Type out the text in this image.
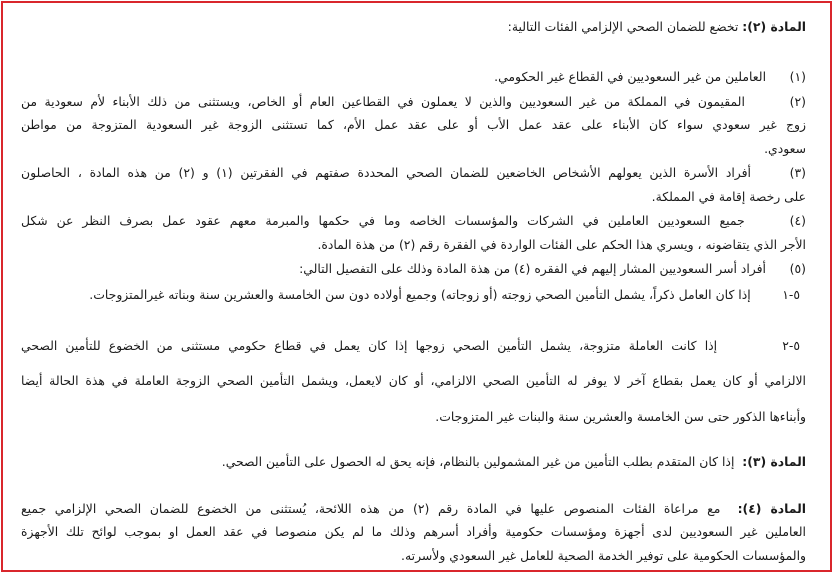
المادة (٢): تخضع للضمان الصحي الإلزامي الفئات التالية:
(١)      العاملين من غير السعوديين في القطاع غير الحكومي.
(٢)      المقيمون في المملكة من غير السعوديين والذين لا يعملون في القطاعين العام أو الخاص، ويستثنى من ذلك الأبناء لأم سعودية من
زوج غير سعودي سواء كان الأبناء على عقد عمل الأب أو على عقد عمل الأم، كما تستثنى الزوجة غير السعودية المتزوجة من مواطن
سعودي.
(٣)     أفراد الأسرة الذين يعولهم الأشخاص الخاضعين للضمان الصحي المحددة صفتهم في الفقرتين (١) و (٢) من هذه المادة ، الحاصلون
على رخصة إقامة في المملكة.
(٤)     جميع السعوديين العاملين في الشركات والمؤسسات الخاصه وما في حكمها والمبرمة معهم عقود عمل بصرف النظر عن شكل
الأجر الذي يتقاضونه ، ويسري هذا الحكم على الفئات الواردة في الفقرة رقم (٢) من هذة المادة.
(٥)      أفراد أسر السعوديين المشار إليهم في الفقره (٤) من هذة المادة وذلك على التفصيل التالي:
٥-١        إذا كان العامل ذكراً، يشمل التأمين الصحي زوجته (أو زوجاته) وجميع أولاده دون سن الخامسة والعشرين سنة وبناته غيرالمتزوجات.
٥-٢        إذا كانت العاملة متزوجة، يشمل التأمين الصحي زوجها إذا كان يعمل في قطاع حكومي مستثنى من الخضوع للتأمين الصحي
الالزامي أو كان يعمل بقطاع آخر لا يوفر له التأمين الصحي الالزامي، أو كان لايعمل، ويشمل التأمين الصحي الزوجة العاملة في هذة الحالة أيضا
وأبناءها الذكور حتى سن الخامسة والعشرين سنة والبنات غير المتزوجات.
المادة (٣):  إذا كان المتقدم بطلب التأمين من غير المشمولين بالنظام، فإنه يحق له الحصول على التأمين الصحي.
المادة (٤):  مع مراعاة الفئات المنصوص عليها في المادة رقم (٢) من هذه اللائحة، يُستثنى من الخضوع للضمان الصحي الإلزامي جميع
العاملين غير السعوديين لدى أجهزة ومؤسسات حكومية وأفراد أسرهم وذلك ما لم يكن منصوصا في عقد العمل او بموجب لوائح تلك الأجهزة
والمؤسسات الحكومية على توفير الخدمة الصحية للعامل غير السعودي ولأسرته.
